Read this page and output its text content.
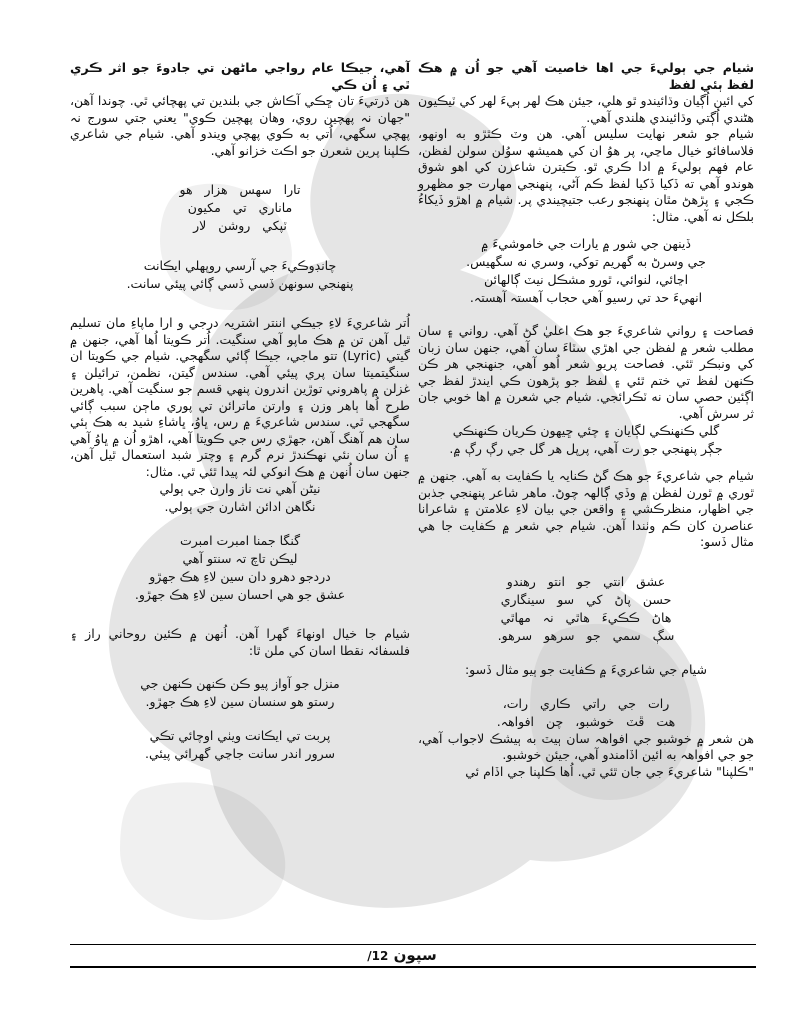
شيام جي ٻوليءَ جي اها خاصيت آهي جو اُن ۾ هڪ لفظ ٻئي لفظ

کي ائين اُڳيان وڌائيندو ٿو هلي، جيئن هڪ لهر ٻيءَ لهر کي ٽيڪيون هڻندي اُڳتي وڌائيندي هلندي آهي.

شيام جو شعر نهايت سليس آهي. هن وٽ ڪٿڙو به اونهو، فلاسافائو خيال ماڃي، پر هوُ ان کي هميشھ سوُلن سولن لفظن، عام فهم ٻوليءَ ۾ ادا ڪري ٿو. ڪيترن شاعرن کي اهو شوق هوندو آهي ته ڏکيا ڏکيا لفظ ڪم آڻي، پنهنجي مهارت جو مظهرو ڪجي ۽ پڙهڻ مٿان پنهنجو رعب جتيچيندي پر. شيام ۾ اهڙو ڏيکاءُ بلڪل نه آهي. مثال:

ڏينهن جي شور ۾ يارات جي خاموشيءَ ۾

جي وسرڻ به گهريم توکي، وسري نه سگهيس.

اڃائي، لنوائي، ٿورو مشڪل نيٽ ڳالهائن

انهيءَ حد تي رسيو آهي حجاب آهستہ آهستہ.

فصاحت ۽ رواني شاعريءَ جو هڪ اعليٰ گڻ آهي. رواني ۽ سان مطلب شعر ۾ لفظن جي اهڙي سٽاءَ سان آهي، جنهن سان زبان کي ونبڪر ٿئي. فصاحت پريو شعر اُهو آهي، جنهنجي هر ڪن ڪنهن لفظ تي ختم ٿئي ۽ لفظ جو پڙهون ڪي ايندڙ لفظ جي اڳئين حصي سان نه ٽڪرائجي. شيام جي شعرن ۾ اها خوبي جان ثر سرش آهي.

گلي ڪنهنڪي لڳايان ۽ چئي ڇيهون ڪريان ڪنهنڪي

جڳر پنهنجي جو رت آهي، پرپل هر گل جي رڳ رڳ ۾.

شيام جي شاعريءَ جو هڪ گڻ ڪنايہ يا ڪفايت به آهي. جنهن ۾ ٿوري ۾ ٿورن لفظن ۾ وڏي ڳالهہ چوڻ. ماهر شاعر پنهنجي جذبن جي اظهار، منظرڪشي ۽ واقعن جي بيان لاءِ علامتن ۽ شاعرانا عناصرن کان ڪم وٺندا آهن. شيام جي شعر ۾ ڪفايت جا هي مثال ڏسو:

عشق انتي جو انتو رهندو

حسن پاڻ کي سو سينگاري

هاڻ ڪڪيءَ هاٿي نہ مهاٿي

سڳ سمي جو سرهو سرهو.

شيام جي شاعريءَ ۾ ڪفايت جو ٻيو مثال ڏسو:

رات جي راتي ڪاري رات،

هت ڦٽ خوشبو، چن افواهہ.

هن شعر ۾ خوشبو جي افواهہ سان ٻيٽ به ٻيشڪ لاجواب آهي، جو جي افواهہ به ائين اڏامندو آهي، جيئن خوشبو.

"ڪلپنا" شاعريءَ جي جان ٿئي ٿي. اُها ڪلپنا جي اڏام ئي

آهي، جيڪا عام رواجي ماڻهن تي جادوءَ جو اثر ڪري ٿي ۽ اُن ڪي

هن ڌرتيءَ تان ڇڪي آڪاش جي بلندين تي پهچائي ٿي. چوندا آهن، "جهان نہ پهچين روي، وهان پهچين ڪوي" يعني جتي سورج نہ پهچي سگهي، اُتي به ڪوي پهچي ويندو آهي. شيام جي شاعري ڪلپنا پرين شعرن جو اڪٽ خزانو آهي.

تارا سهس هزار هو

ماناري تي مکيون

ٽپکي روشن لار

چانڊوڪيءَ جي آرسي روپهلي ايڪانت

پنهنجي سونهن ڏسي ڏسي ڳائي پيئي سانت.

اُتر شاعريءَ لاءِ جيڪي اننتر اشتريہ درجي و ارا ماپاءِ مان تسليم ٿيل آهن تن ۾ هڪ ماپو آهي سنگيت. اُتر ڪويتا اُها آهي، جنهن ۾ گيتي (Lyric) تتو ماجي، جيڪا ڳائي سگهجي. شيام جي ڪويتا ان سنگيتميتا سان پري پيئي آهي. سندس گيتن، نظمن، ترائيلن ۽ غزلن ۾ پاهروني توڙين اندرون پنهي قسم جو سنگيت آهي. پاهرين طرح اُها ٻاهر وزن ۽ وارتن ماترائن تي پوري ماڄن سبب ڳائي سگهجي ٿي. سندس شاعريءَ ۾ رس، ڀاوُ، ڀاشاءِ شيد به هڪ ٻئي سان هم آهنگ آهن، جهڙي رس جي ڪويتا آهي، اهڙو اُن ۾ ڀاوُ آهي ۽ اُن سان نئي نهڪندڙ نرم گرم ۽ وچتر شبد استعمال ٿيل آهن، جنهن سان اُنهن ۾ هڪ انوکي لئہ پيدا ٿئي ٿي. مثال:

نيڻن آهي نت ناز وارن جي ٻولي

نگاهن ادائن اشارن جي ٻولي.

گنگا جمنا امبرت امبرت

ليڪن تاچ تہ سنتو آهي

دردجو دهرو دان سين لاءِ هڪ جهڙو

عشق جو هي احسان سين لاءِ هڪ جهڙو.

شيام جا خيال اونهاءَ گهرا آهن. اُنهن ۾ ڪئين روحاني راز ۽ فلسفائہ نقطا اسان کي ملن ٿا:

منزل جو آواز پيو ڪن ڪنهن ڪنهن جي

رستو هو سنسان سين لاءِ هڪ جهڙو.

پربت تي ايڪانت ويٺي اوچائي تڪي

سرور اندر سانت جاڃي گهرائي پيئي.

سپون 12/
